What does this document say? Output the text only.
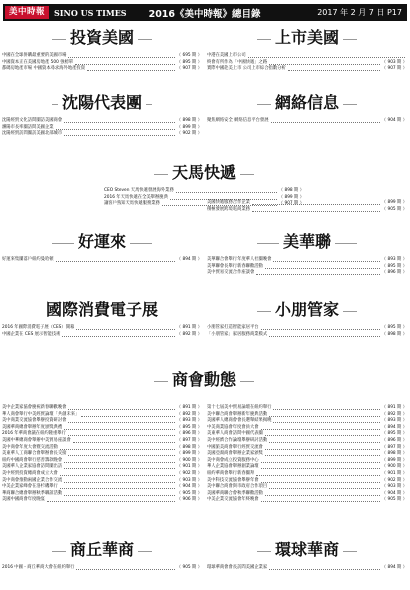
美中時報	SINO US TIMES 2016《美中時報》總目錄	2017 年 2 月 7 日 P17
投資美國
中國在全球併購最重要的美國市場	（ 695 期 ）
中國資本正在美國房地產 500 強榜單	（ 895 期 ）
都碼房地產市場 中國資本尋求海外地產投資	（ 907 期 ）
上市美國
中港在美國上市公司
終會有所作為「中國快遞」之路	（ 903 期 ）
實際中國赴美上市 公司上市綜合指數分析	（ 907 期 ）
沈陽代表團
沈陽經貿文化訪問團訪美國商會	（ 898 期 ）
瀋陽市長率團訪問美國企業	（ 899 期 ）
沈陽經貿訪問團訪美國北部城市	（ 902 期 ）
網絡信息
聚焦網絡安全 網絡信息平台發展	（ 904 期 ）
天馬快遞
CEO Steven 天馬快遞發展海外業務	（ 898 期 ）
2016 年天馬快遞在全美舉辦慶典	（ 899 期 ）
讓客戶熟知天馬快遞服務業務	（ 907 期 ）
美國快遞服務合作企業	（ 899 期 ）
積極發展跨境電商業務	（ 905 期 ）
好運來
好運來集團落戶紐約曼哈頓	（ 894 期 ）
美華聯
美華聯合會舉行年度華人社團晚會	（ 893 期 ）
美華聯會長舉行新春聯歡活動	（ 895 期 ）
美中貿易交流合作座談會	（ 896 期 ）
國際消費電子展
2016 年國際消費電子展（CES）開幕	（ 891 期 ）
中國企業在 CES 展示智能技術	（ 892 期 ）
小朋管家
小朋管家打造智能家居平台	（ 895 期 ）
「小朋管家」家居服務商業模式	（ 898 期 ）
商會動態
美中企業家協會慶祝新春聯歡晚會	（ 891 期 ）
華人商會舉行中美經貿論壇「共創未來」	（ 892 期 ）
美中商業交流協會舉辦投資研討會	（ 893 期 ）
美國華商總會舉辦年度頒獎典禮	（ 895 期 ）
2016 年華商會議在紐約隆重舉行	（ 896 期 ）
美國中華總商會舉辦中美貿易座談會	（ 897 期 ）
美中商會年度大會暨交流活動	（ 898 期 ）
美東華人工商聯合會舉辦會長交接	（ 899 期 ）
紐約中國商會舉行慈善籌款晚會	（ 900 期 ）
美國華人企業家協會訪問團出訪	（ 901 期 ）
美中經貿投資總商會成立大會	（ 902 期 ）
美中商會推動兩國企業合作交流	（ 903 期 ）
中美企業家峰會在洛杉磯舉行	（ 904 期 ）
華商聯合總會舉辦秋季聯誼活動	（ 905 期 ）
美國中國商會年度晚宴	（ 906 期 ）
第十七屆美中貿易論壇在紐約舉行	（ 891 期 ）
美中聯合商會舉辦新年慶典活動	（ 892 期 ）
美國華人總商會會長選舉結果揭曉	（ 893 期 ）
中美商業協會年度會員大會	（ 894 期 ）
美東華人商會訪問中國代表團	（ 895 期 ）
美中經濟合作論壇舉辦研討活動	（ 896 期 ）
中國旅美商會舉行經貿交流會	（ 897 期 ）
美國亞裔商會舉辦企業家頒獎	（ 898 期 ）
美中商會成立投資服務中心	（ 899 期 ）
華人企業協會舉辦創業論壇	（ 900 期 ）
紐約華商會舉行新春團拜	（ 901 期 ）
美中科技交流協會舉辦年會	（ 902 期 ）
美中聯合商會與市政府合作項目	（ 903 期 ）
美國華商聯合會秋季聯歡活動	（ 904 期 ）
中美企業交流協會年終晚會	（ 905 期 ）
商丘華商
2016 中國・商丘華商大會在紐約舉行	（ 905 期 ）
環球華商
環球華商會會長訪問美國企業家	（ 894 期 ）
